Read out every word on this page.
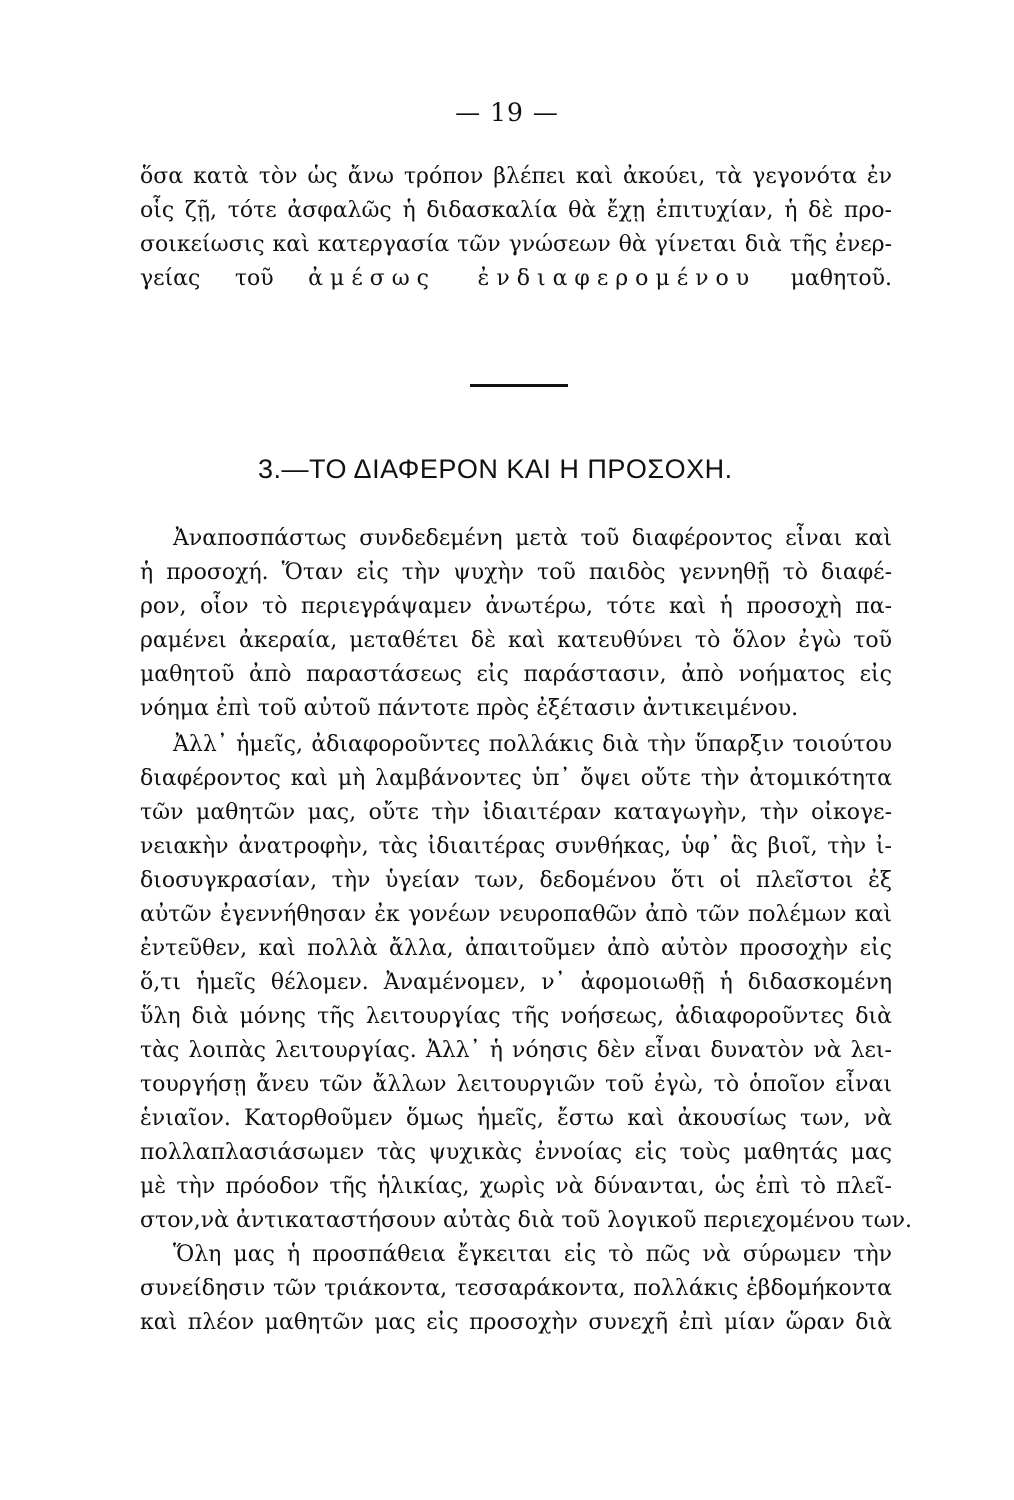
— 19 —
ὅσα κατὰ τὸν ὡς ἄνω τρόπον βλέπει καὶ ἀκούει, τὰ γεγονότα ἐν
οἷς ζῇ, τότε ἀσφαλῶς ἡ διδασκαλία θὰ ἔχῃ ἐπιτυχίαν, ἡ δὲ προ-
σοικείωσις καὶ κατεργασία τῶν γνώσεων θὰ γίνεται διὰ τῆς ἐνερ-
γείας τοῦ ἀμέσως ἐνδιαφερομένου μαθητοῦ.
3.—ΤΟ ΔΙΑΦΕΡΟΝ ΚΑΙ Η ΠΡΟΣΟΧΗ.
Ἀναποσπάστως συνδεδεμένη μετὰ τοῦ διαφέροντος εἶναι καὶ
ἡ προσοχή. Ὅταν εἰς τὴν ψυχὴν τοῦ παιδὸς γεννηθῇ τὸ διαφέ-
ρον, οἷον τὸ περιεγράψαμεν ἀνωτέρω, τότε καὶ ἡ προσοχὴ πα-
ραμένει ἀκεραία, μεταθέτει δὲ καὶ κατευθύνει τὸ ὅλον ἐγὼ τοῦ
μαθητοῦ ἀπὸ παραστάσεως εἰς παράστασιν, ἀπὸ νοήματος εἰς
νόημα ἐπὶ τοῦ αὐτοῦ πάντοτε πρὸς ἐξέτασιν ἀντικειμένου.
Ἀλλ᾽ ἡμεῖς, ἀδιαφοροῦντες πολλάκις διὰ τὴν ὕπαρξιν τοιούτου
διαφέροντος καὶ μὴ λαμβάνοντες ὑπ᾽ ὄψει οὔτε τὴν ἀτομικότητα
τῶν μαθητῶν μας, οὔτε τὴν ἰδιαιτέραν καταγωγὴν, τὴν οἰκογε-
νειακὴν ἀνατροφὴν, τὰς ἰδιαιτέρας συνθήκας, ὑφ᾽ ἃς βιοῖ, τὴν ἰ-
διοσυγκρασίαν, τὴν ὑγείαν των, δεδομένου ὅτι οἱ πλεῖστοι ἐξ
αὐτῶν ἐγεννήθησαν ἐκ γονέων νευροπαθῶν ἀπὸ τῶν πολέμων καὶ
ἐντεῦθεν, καὶ πολλὰ ἄλλα, ἀπαιτοῦμεν ἀπὸ αὐτὸν προσοχὴν εἰς
ὅ,τι ἡμεῖς θέλομεν. Ἀναμένομεν, ν᾽ ἀφομοιωθῇ ἡ διδασκομένη
ὕλη διὰ μόνης τῆς λειτουργίας τῆς νοήσεως, ἀδιαφοροῦντες διὰ
τὰς λοιπὰς λειτουργίας. Ἀλλ᾽ ἡ νόησις δὲν εἶναι δυνατὸν νὰ λει-
τουργήσῃ ἄνευ τῶν ἄλλων λειτουργιῶν τοῦ ἐγὼ, τὸ ὁποῖον εἶναι
ἑνιαῖον. Κατορθοῦμεν ὅμως ἡμεῖς, ἔστω καὶ ἀκουσίως των, νὰ
πολλαπλασιάσωμεν τὰς ψυχικὰς ἐννοίας εἰς τοὺς μαθητάς μας
μὲ τὴν πρόοδον τῆς ἡλικίας, χωρὶς νὰ δύνανται, ὡς ἐπὶ τὸ πλεῖ-
στον,νὰ ἀντικαταστήσουν αὐτὰς διὰ τοῦ λογικοῦ περιεχομένου των.
Ὅλη μας ἡ προσπάθεια ἔγκειται εἰς τὸ πῶς νὰ σύρωμεν τὴν
συνείδησιν τῶν τριάκοντα, τεσσαράκοντα, πολλάκις ἑβδομήκοντα
καὶ πλέον μαθητῶν μας εἰς προσοχὴν συνεχῆ ἐπὶ μίαν ὥραν διὰ
